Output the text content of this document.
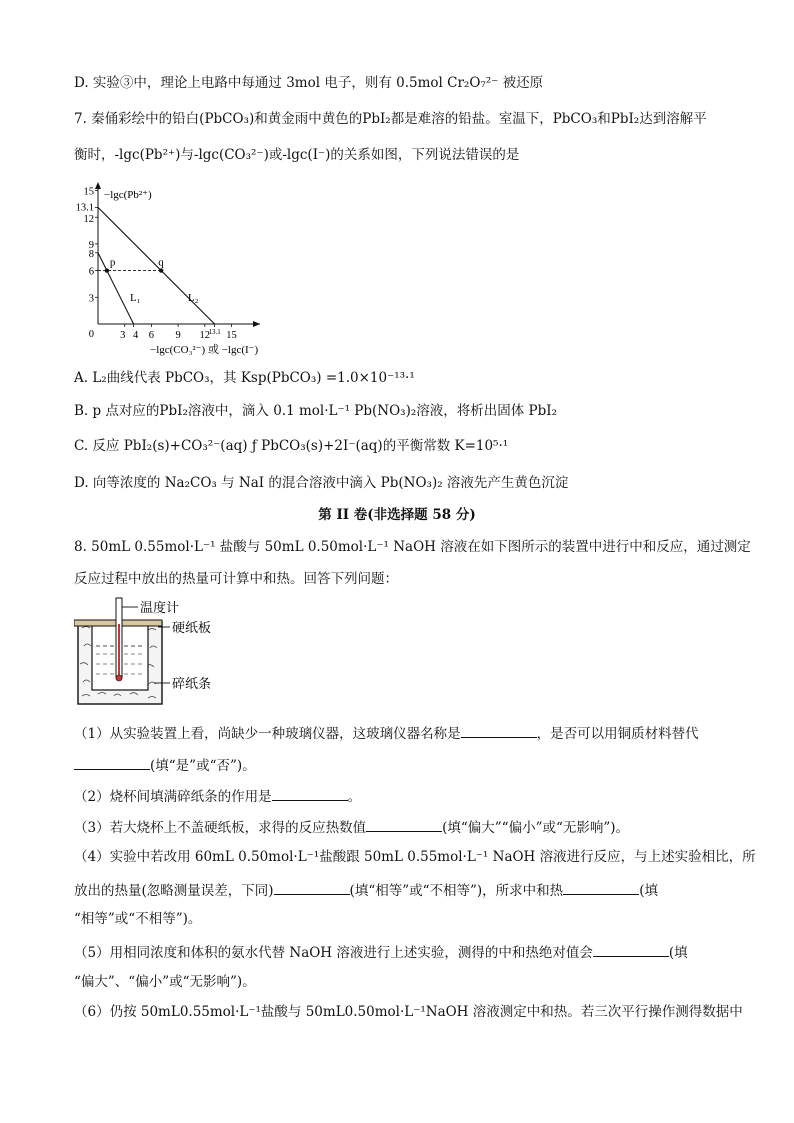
D. 实验③中，理论上电路中每通过 3mol 电子，则有 0.5mol Cr₂O₇²⁻ 被还原
7. 秦俑彩绘中的铅白(PbCO₃)和黄金雨中黄色的PbI₂都是难溶的铅盐。室温下，PbCO₃和PbI₂达到溶解平
衡时，-lgc(Pb²⁺)与-lgc(CO₃²⁻)或-lgc(I⁻)的关系如图，下列说法错误的是
−lgc(Pb²⁺)
−lgc(CO₃²⁻) 或 −lgc(I⁻)
0
15
13.1
12
9
8
6
3
3 4 6 9 12
13.1 15
L₁	L₂
p	q
A. L₂曲线代表 PbCO₃，其 Ksp(PbCO₃) =1.0×10⁻¹³·¹
B. p 点对应的PbI₂溶液中，滴入 0.1 mol·L⁻¹ Pb(NO₃)₂溶液，将析出固体 PbI₂
C. 反应 PbI₂(s)+CO₃²⁻(aq) ƒ PbCO₃(s)+2I⁻(aq)的平衡常数 K=10⁵·¹
D. 向等浓度的 Na₂CO₃ 与 NaI 的混合溶液中滴入 Pb(NO₃)₂ 溶液先产生黄色沉淀
第 II 卷(非选择题 58 分)
8. 50mL 0.55mol·L⁻¹ 盐酸与 50mL 0.50mol·L⁻¹ NaOH 溶液在如下图所示的装置中进行中和反应，通过测定
反应过程中放出的热量可计算中和热。回答下列问题：
温度计
硬纸板
碎纸条
（1）从实验装置上看，尚缺少一种玻璃仪器，这玻璃仪器名称是	，是否可以用铜质材料替代
(填“是”或“否”)。
（2）烧杯间填满碎纸条的作用是	。
（3）若大烧杯上不盖硬纸板，求得的反应热数值	(填“偏大”“偏小”或“无影响”)。
（4）实验中若改用 60mL 0.50mol·L⁻¹盐酸跟 50mL 0.55mol·L⁻¹ NaOH 溶液进行反应，与上述实验相比，所
放出的热量(忽略测量误差，下同)	(填“相等”或“不相等”)，所求中和热	(填
“相等”或“不相等”)。
（5）用相同浓度和体积的氨水代替 NaOH 溶液进行上述实验，测得的中和热绝对值会	(填
“偏大”、“偏小”或“无影响”)。
（6）仍按 50mL0.55mol·L⁻¹盐酸与 50mL0.50mol·L⁻¹NaOH 溶液测定中和热。若三次平行操作测得数据中
